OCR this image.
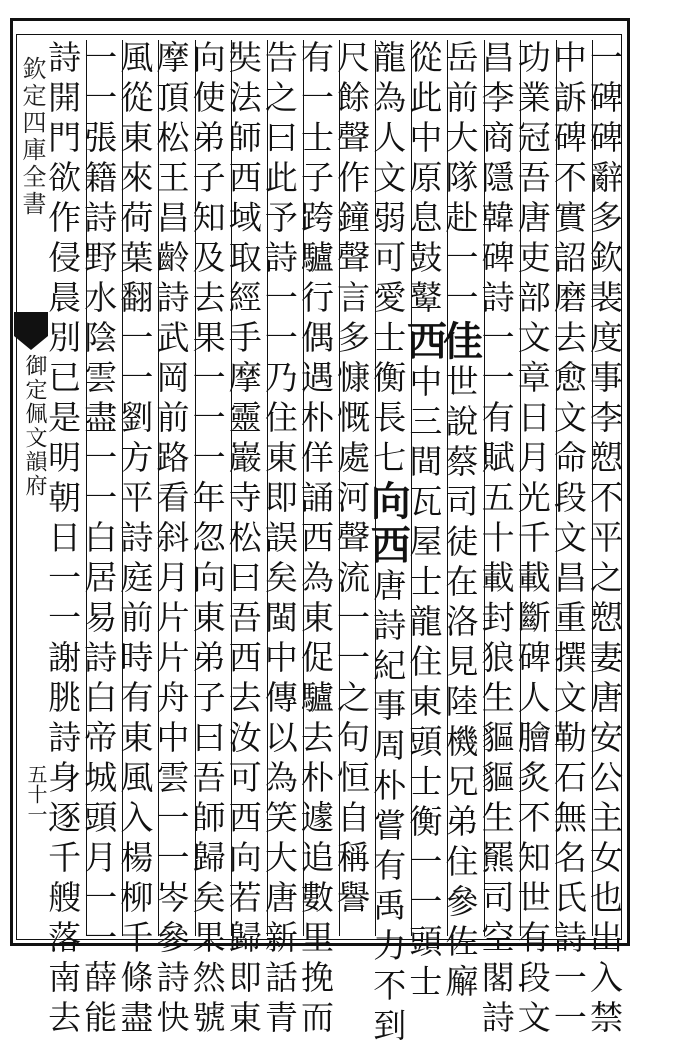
欽定四庫全書
御定佩文韻府
五十一	一碑碑辭多欽裴度事李愬不平之愬妻唐安公主女也出入禁
中訴碑不實詔磨去愈文命段文昌重撰文勒石無名氏詩一一
功業冠吾唐吏部文章日月光千載斷碑人膾炙不知世有段文
昌李商隱韓碑詩一一有賦五十載封狼生貙貙生羆司空閣詩
岳前大隊赴一一佳世說蔡司徒在洛見陸機兄弟住參佐廨
從此中原息鼓鼙西中三間瓦屋士龍住東頭士衡一一頭士
龍為人文弱可愛士衡長七向西唐詩紀事周朴嘗有禹力不到
尺餘聲作鐘聲言多慷慨處河聲流一一之句恒自稱譽
有一士子跨驢行偶遇朴佯誦西為東促驢去朴遽追數里挽而
告之曰此予詩一一乃住東即誤矣閩中傳以為笑大唐新話青
奘法師西域取經手摩靈巖寺松曰吾西去汝可西向若歸即東
向使弟子知及去果一一一年忽向東弟子曰吾師歸矣果然號
摩頂松王昌齡詩武岡前路看斜月片片舟中雲一一岑參詩快
風從東來荷葉翻一一劉方平詩庭前時有東風入楊柳千條盡
一一張籍詩野水陰雲盡一一白居易詩白帝城頭月一一薛能
詩開門欲作侵晨別已是明朝日一一謝朓詩身逐千艘落南去
